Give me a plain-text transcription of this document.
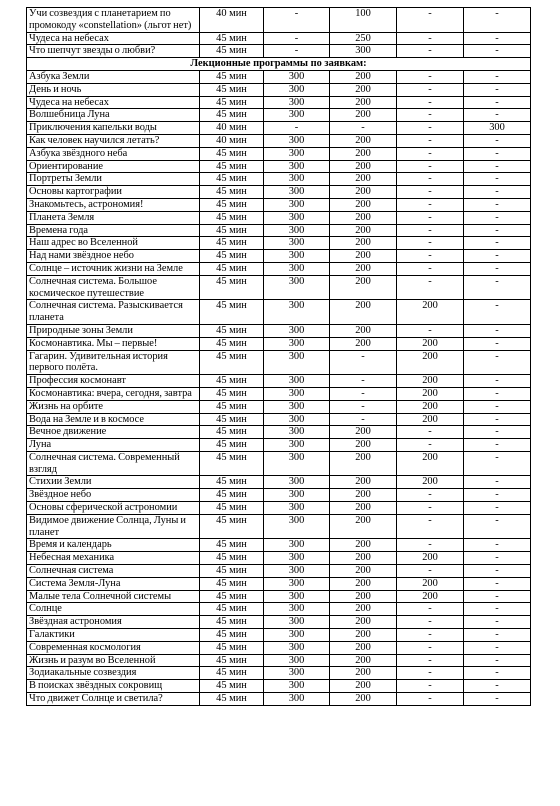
Учи созвездия с планетарием по промокоду «constellation» (льгот нет)	40 мин	-	100	-	-
Чудеса на небесах	45 мин	-	250	-	-
Что шепчут звезды о любви?	45 мин	-	300	-	-
Лекционные программы по заявкам:					
Азбука Земли	45 мин	300	200	-	-
День и ночь	45 мин	300	200	-	-
Чудеса на небесах	45 мин	300	200	-	-
Волшебница Луна	45 мин	300	200	-	-
Приключения капельки воды	40 мин	-	-	-	300
Как человек научился летать?	40 мин	300	200	-	-
Азбука звёздного неба	45 мин	300	200	-	-
Ориентирование	45 мин	300	200	-	-
Портреты Земли	45 мин	300	200	-	-
Основы картографии	45 мин	300	200	-	-
Знакомьтесь, астрономия!	45 мин	300	200	-	-
Планета Земля	45 мин	300	200	-	-
Времена года	45 мин	300	200	-	-
Наш адрес во Вселенной	45 мин	300	200	-	-
Над нами звёздное небо	45 мин	300	200	-	-
Солнце – источник жизни на Земле	45 мин	300	200	-	-
Солнечная система. Большое космическое путешествие	45 мин	300	200	-	-
Солнечная система. Разыскивается планета	45 мин	300	200	200	-
Природные зоны Земли	45 мин	300	200	-	-
Космонавтика. Мы – первые!	45 мин	300	200	200	-
Гагарин. Удивительная история первого полёта.	45 мин	300	-	200	-
Профессия космонавт	45 мин	300	-	200	-
Космонавтика: вчера, сегодня, завтра	45 мин	300	-	200	-
Жизнь на орбите	45 мин	300	-	200	-
Вода на Земле и в космосе	45 мин	300	-	200	-
Вечное движение	45 мин	300	200	-	-
Луна	45 мин	300	200	-	-
Солнечная система. Современный взгляд	45 мин	300	200	200	-
Стихии Земли	45 мин	300	200	200	-
Звёздное небо	45 мин	300	200	-	-
Основы сферической астрономии	45 мин	300	200	-	-
Видимое движение Солнца, Луны и планет	45 мин	300	200	-	-
Время и календарь	45 мин	300	200	-	-
Небесная механика	45 мин	300	200	200	-
Солнечная система	45 мин	300	200	-	-
Система Земля-Луна	45 мин	300	200	200	-
Малые тела Солнечной системы	45 мин	300	200	200	-
Солнце	45 мин	300	200	-	-
Звёздная астрономия	45 мин	300	200	-	-
Галактики	45 мин	300	200	-	-
Современная космология	45 мин	300	200	-	-
Жизнь и разум во Вселенной	45 мин	300	200	-	-
Зодиакальные созвездия	45 мин	300	200	-	-
В поисках звёздных сокровищ	45 мин	300	200	-	-
Что движет Солнце и светила?	45 мин	300	200	-	-
